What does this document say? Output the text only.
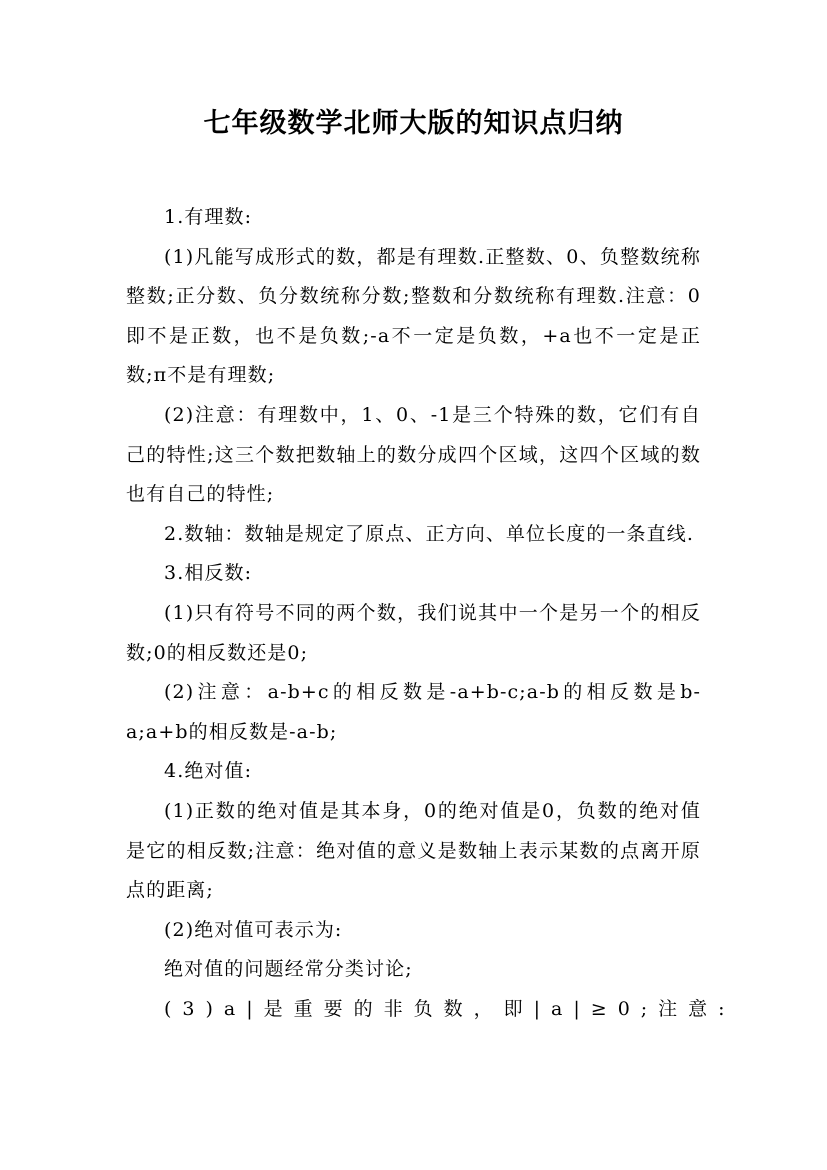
七年级数学北师大版的知识点归纳

1.有理数:

(1)凡能写成形式的数，都是有理数.正整数、0、负整数统称整数;正分数、负分数统称分数;整数和分数统称有理数.注意：0即不是正数，也不是负数;-a不一定是负数，+a也不一定是正数;π不是有理数;

(2)注意：有理数中，1、0、-1是三个特殊的数，它们有自己的特性;这三个数把数轴上的数分成四个区域，这四个区域的数也有自己的特性;

2.数轴：数轴是规定了原点、正方向、单位长度的一条直线.

3.相反数:

(1)只有符号不同的两个数，我们说其中一个是另一个的相反数;0的相反数还是0;

(2)注意：a-b+c的相反数是-a+b-c;a-b的相反数是b-a;a+b的相反数是-a-b;

4.绝对值:

(1)正数的绝对值是其本身，0的绝对值是0，负数的绝对值是它的相反数;注意：绝对值的意义是数轴上表示某数的点离开原点的距离;

(2)绝对值可表示为:

绝对值的问题经常分类讨论;

(3)a|是重要的非负数，即|a|≥0;注意:
